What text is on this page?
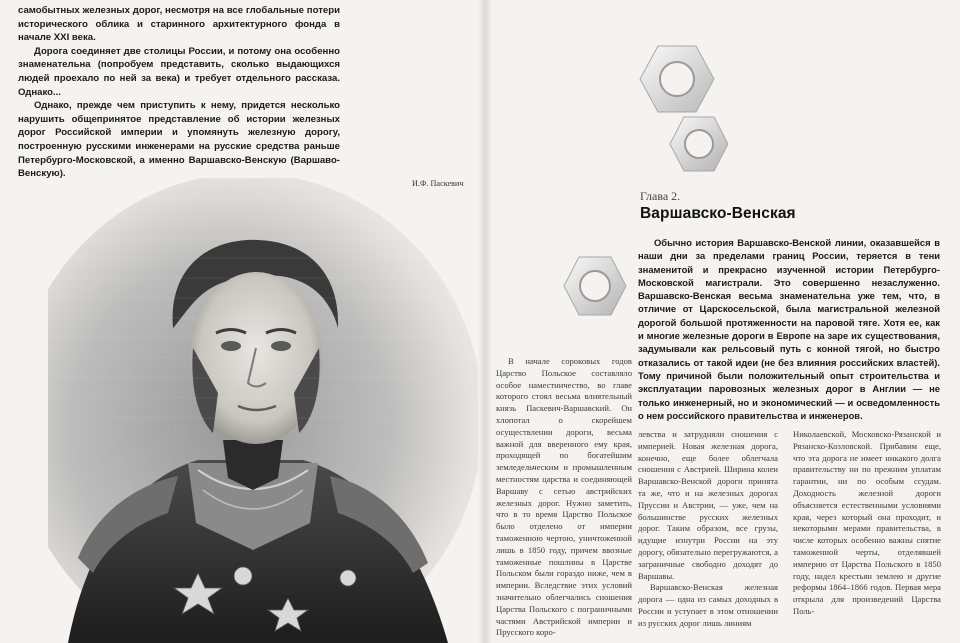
самобытных железных дорог, несмотря на все глобальные потери исторического облика и старинного архитектурного фонда в начале XXI века.

Дорога соединяет две столицы России, и потому она особенно знаменательна (попробуем представить, сколько выдающихся людей проехало по ней за века) и требует отдельного рассказа. Однако...

Однако, прежде чем приступить к нему, придется несколько нарушить общепринятое представление об истории железных дорог Российской империи и упомянуть железную дорогу, построенную русскими инженерами на русские средства раньше Петербурго-Московской, а именно Варшавско-Венскую (Варшаво-Венскую).

И.Ф. Паскевич
Глава 2.
Варшавско-Венская

Обычно история Варшавско-Венской линии, оказавшейся в наши дни за пределами границ России, теряется в тени знаменитой и прекрасно изученной истории Петербурго-Московской магистрали. Это совершенно незаслуженно. Варшавско-Венская весьма знаменательна уже тем, что, в отличие от Царскосельской, была магистральной железной дорогой большой протяженности на паровой тяге. Хотя ее, как и многие железные дороги в Европе на заре их существования, задумывали как рельсовый путь с конной тягой, но быстро отказались от такой идеи (не без влияния российских властей). Тому причиной были положительный опыт строительства и эксплуатации паровозных железных дорог в Англии — не только инженерный, но и экономический — и осведомленность о нем российского правительства и инженеров.

В начале сороковых годов Царство Польское составляло особое наместничество, во главе которого стоял весьма влиятельный князь Паскевич-Варшавский. Он хлопотал о скорейшем осуществлении дороги, весьма важной для вверенного ему края, проходящей по богатейшим земледельческим и промышленным местностям царства и соединяющей Варшаву с сетью австрийских железных дорог. Нужно заметить, что в то время Царство Польское было отделено от империи таможенною чертою, уничтоженной лишь в 1850 году, причем ввозные таможенные пошлины в Царстве Польском были гораздо ниже, чем в империи. Вследствие этих условий значительно облегчались сношения Царства Польского с пограничными частями Австрийской империи и Прусского коро-

левства и затрудняли сношения с империей. Новая железная дорога, конечно, еще более облегчала сношения с Австрией. Ширина колеи Варшавско-Венской дороги принята та же, что и на железных дорогах Пруссии и Австрии, — уже, чем на большинстве русских железных дорог. Таким образом, все грузы, идущие изнутри России на эту дорогу, обязательно перегружаются, а заграничные свободно доходят до Варшавы.

Варшавско-Венская железная дорога — одна из самых доходных в России и уступает в этом отношении из русских дорог лишь линиям

Николаевской, Московско-Рязанской и Рязанско-Козловской. Прибавим еще, что эта дорога не имеет никакого долга правительству ни по прежним уплатам гарантии, ни по особым ссудам. Доходность железной дороги объясняется естественными условиями края, через который она проходит, и некоторыми мерами правительства, в числе которых особенно важны снятие таможенной черты, отделявшей империю от Царства Польского в 1850 году, надел крестьян землею и другие реформы 1864–1866 годов. Первая мера открыла для произведений Царства Поль-
